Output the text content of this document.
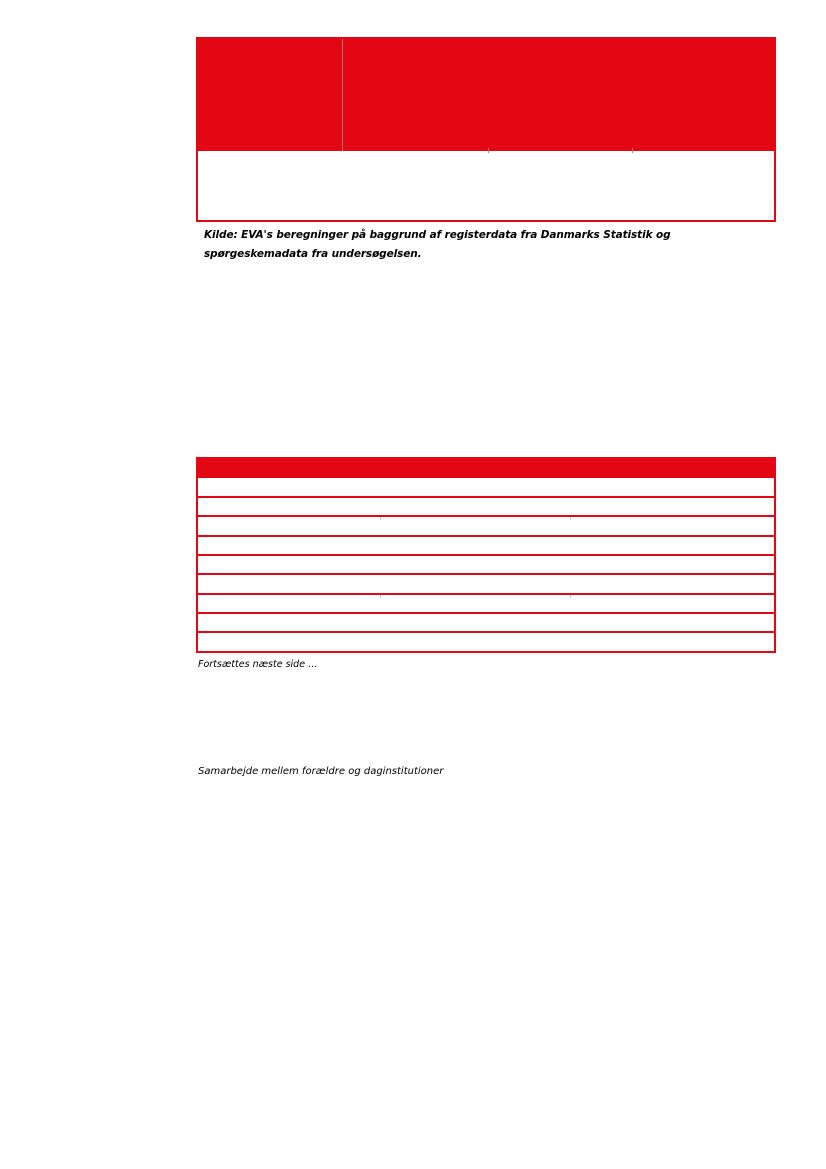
Kilde: EVA's beregninger på baggrund af registerdata fra Danmarks Statistik og spørgeskemadata fra undersøgelsen.
Fortsættes næste side …
Samarbejde mellem forældre og daginstitutioner
